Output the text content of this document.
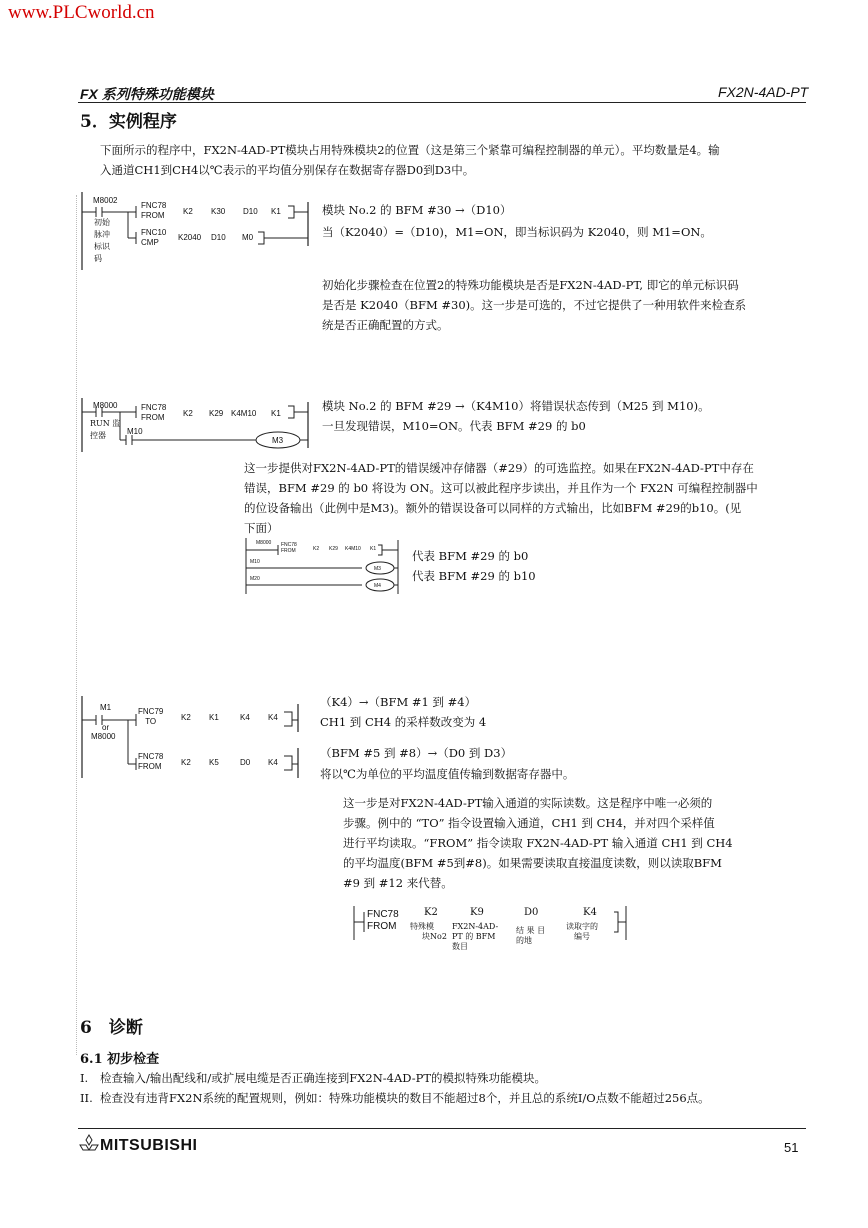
www.PLCworld.cn
FX 系列特殊功能模块	FX2N-4AD-PT
5．实例程序
下面所示的程序中，FX2N-4AD-PT模块占用特殊模块2的位置（这是第三个紧靠可编程控制器的单元）。平均数量是4。输
入通道CH1到CH4以℃表示的平均值分别保存在数据寄存器D0到D3中。
M8002
初始
脉冲
标识
码
FNC78
FROM K2 K30 D10 K1
FNC10
CMP
K2040 D10 M0
模块 No.2 的 BFM #30 →（D10）
当（K2040）=（D10)，M1=ON，即当标识码为 K2040，则 M1=ON。
初始化步骤检查在位置2的特殊功能模块是否是FX2N-4AD-PT, 即它的单元标识码
是否是 K2040（BFM #30)。这一步是可选的，不过它提供了一种用软件来检查系
统是否正确配置的方式。
M8000
RUN 监控器
FNC78
FROM K2 K29 K4M10 K1
M10
M3
模块 No.2 的 BFM #29 →（K4M10）将错误状态传到（M25 到 M10)。
一旦发现错误，M10=ON。代表 BFM #29 的 b0
这一步提供对FX2N-4AD-PT的错误缓冲存储器（#29）的可选监控。如果在FX2N-4AD-PT中存在
错误，BFM #29 的 b0 将设为 ON。这可以被此程序步读出，并且作为一个 FX2N 可编程控制器中
的位设备输出（此例中是M3)。额外的错误设备可以同样的方式输出，比如BFM #29的b10。(见
下面）
M8000 FNC78
FROM	K2 K29 K4M10 K1
M10
M3
M20
M4
代表 BFM #29 的 b0
代表 BFM #29 的 b10
M1
or
M8000
FNC79
TO	K2 K1	K4 K4
FNC78
FROM K2 K5	D0 K4
（K4）→（BFM #1 到 #4）
CH1 到 CH4 的采样数改变为 4
（BFM #5 到 #8）→（D0 到 D3）
将以℃为单位的平均温度值传输到数据寄存器中。
这一步是对FX2N-4AD-PT输入通道的实际读数。这是程序中唯一必须的
步骤。例中的 “TO” 指令设置输入通道，CH1 到 CH4，并对四个采样值
进行平均读取。“FROM” 指令读取 FX2N-4AD-PT 输入通道 CH1 到 CH4
的平均温度(BFM #5到#8)。如果需要读取直接温度读数，则以读取BFM
#9 到 #12 来代替。
FNC78
FROM
K2	K9	D0	K4
特殊模
块No2
FX2N-4AD-
PT 的 BFM
数目
结 果 目
的地
读取字的
编号
6　诊断
6.1 初步检查
I. 检查输入/输出配线和/或扩展电缆是否正确连接到FX2N-4AD-PT的模拟特殊功能模块。
II. 检查没有违背FX2N系统的配置规则，例如：特殊功能模块的数目不能超过8个，并且总的系统I/O点数不能超过256点。
MITSUBISHI	51
